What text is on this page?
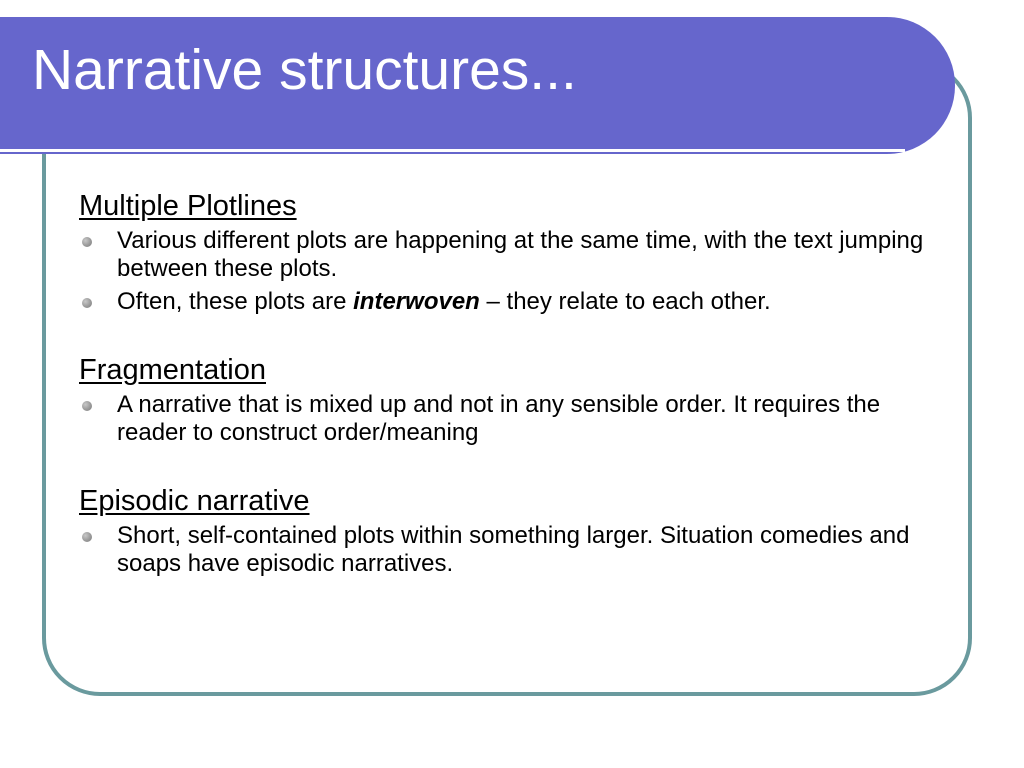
Narrative structures...
Multiple Plotlines
Various different plots are happening at the same time, with the text jumping between these plots.
Often, these plots are interwoven – they relate to each other.
Fragmentation
A narrative that is mixed up and not in any sensible order. It requires the reader to construct order/meaning
Episodic narrative
Short, self-contained plots within something larger. Situation comedies and soaps have episodic narratives.
